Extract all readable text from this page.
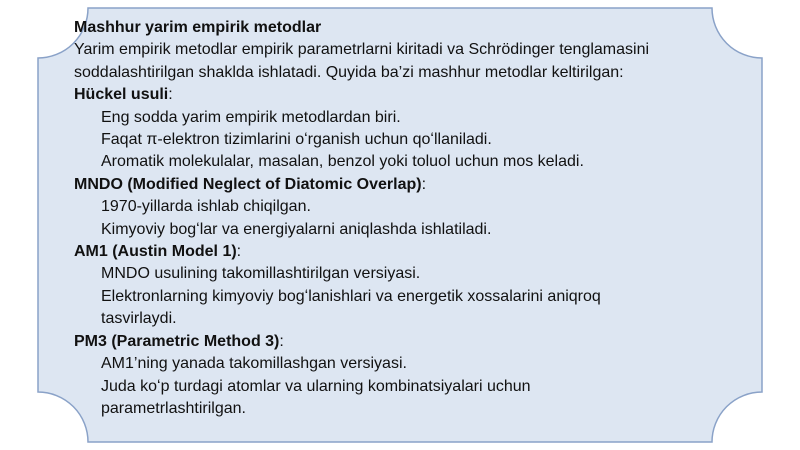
Mashhur yarim empirik metodlar
Yarim empirik metodlar empirik parametrlarni kiritadi va Schrödinger tenglamasini soddalashtirilgan shaklda ishlatadi. Quyida ba’zi mashhur metodlar keltirilgan:
Hückel usuli:
Eng sodda yarim empirik metodlardan biri.
Faqat π-elektron tizimlarini oʻrganish uchun qoʻllaniladi.
Aromatik molekulalar, masalan, benzol yoki toluol uchun mos keladi.
MNDO (Modified Neglect of Diatomic Overlap):
1970-yillarda ishlab chiqilgan.
Kimyoviy bogʻlar va energiyalarni aniqlashda ishlatiladi.
AM1 (Austin Model 1):
MNDO usulining takomillashtirilgan versiyasi.
Elektronlarning kimyoviy bogʻlanishlari va energetik xossalarini aniqroq tasvirlaydi.
PM3 (Parametric Method 3):
AM1’ning yanada takomillashgan versiyasi.
Juda koʻp turdagi atomlar va ularning kombinatsiyalari uchun parametrlashtirilgan.
